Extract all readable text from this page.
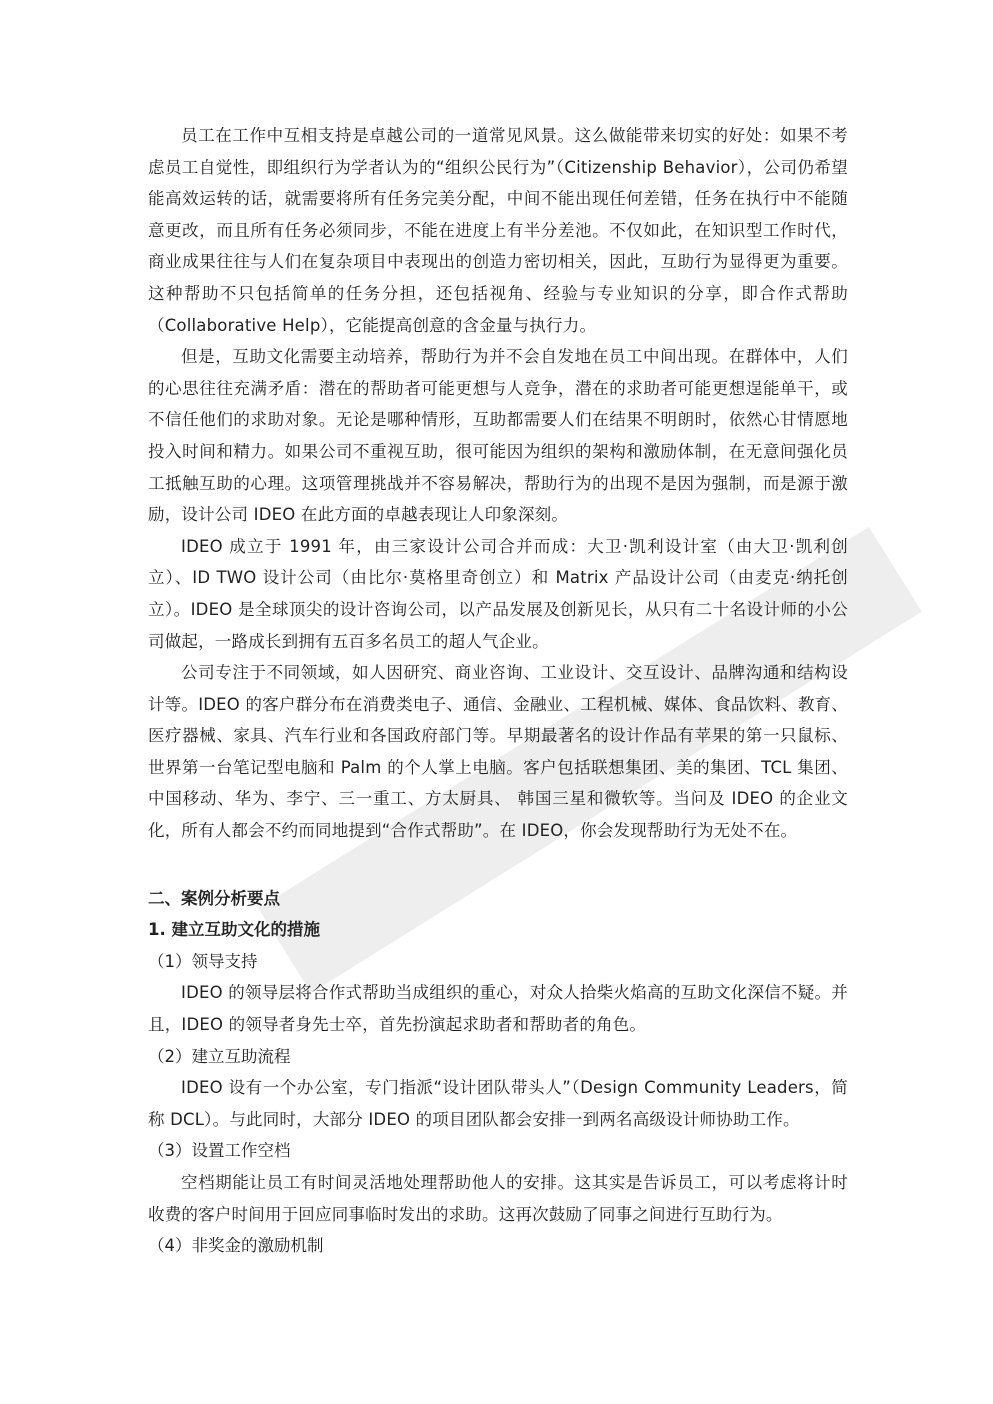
员工在工作中互相支持是卓越公司的一道常见风景。这么做能带来切实的好处：如果不考虑员工自觉性，即组织行为学者认为的“组织公民行为”（Citizenship Behavior），公司仍希望能高效运转的话，就需要将所有任务完美分配，中间不能出现任何差错，任务在执行中不能随意更改，而且所有任务必须同步，不能在进度上有半分差池。不仅如此，在知识型工作时代，商业成果往往与人们在复杂项目中表现出的创造力密切相关，因此，互助行为显得更为重要。这种帮助不只包括简单的任务分担，还包括视角、经验与专业知识的分享，即合作式帮助（Collaborative Help），它能提高创意的含金量与执行力。

但是，互助文化需要主动培养，帮助行为并不会自发地在员工中间出现。在群体中，人们的心思往往充满矛盾：潜在的帮助者可能更想与人竞争，潜在的求助者可能更想逞能单干，或不信任他们的求助对象。无论是哪种情形，互助都需要人们在结果不明朗时，依然心甘情愿地投入时间和精力。如果公司不重视互助，很可能因为组织的架构和激励体制，在无意间强化员工抵触互助的心理。这项管理挑战并不容易解决，帮助行为的出现不是因为强制，而是源于激励，设计公司 IDEO 在此方面的卓越表现让人印象深刻。

IDEO 成立于 1991 年，由三家设计公司合并而成：大卫·凯利设计室（由大卫·凯利创立）、ID TWO 设计公司（由比尔·莫格里奇创立）和 Matrix 产品设计公司（由麦克·纳托创立）。IDEO 是全球顶尖的设计咨询公司，以产品发展及创新见长，从只有二十名设计师的小公司做起，一路成长到拥有五百多名员工的超人气企业。

公司专注于不同领域，如人因研究、商业咨询、工业设计、交互设计、品牌沟通和结构设计等。IDEO 的客户群分布在消费类电子、通信、金融业、工程机械、媒体、食品饮料、教育、医疗器械、家具、汽车行业和各国政府部门等。早期最著名的设计作品有苹果的第一只鼠标、世界第一台笔记型电脑和 Palm 的个人掌上电脑。客户包括联想集团、美的集团、TCL 集团、中国移动、华为、李宁、三一重工、方太厨具、 韩国三星和微软等。当问及 IDEO 的企业文化，所有人都会不约而同地提到“合作式帮助”。在 IDEO，你会发现帮助行为无处不在。

二、案例分析要点

1. 建立互助文化的措施

（1）领导支持

IDEO 的领导层将合作式帮助当成组织的重心，对众人拾柴火焰高的互助文化深信不疑。并且，IDEO 的领导者身先士卒，首先扮演起求助者和帮助者的角色。

（2）建立互助流程

IDEO 设有一个办公室，专门指派“设计团队带头人”（Design Community Leaders，简称 DCL）。与此同时，大部分 IDEO 的项目团队都会安排一到两名高级设计师协助工作。

（3）设置工作空档

空档期能让员工有时间灵活地处理帮助他人的安排。这其实是告诉员工，可以考虑将计时收费的客户时间用于回应同事临时发出的求助。这再次鼓励了同事之间进行互助行为。

（4）非奖金的激励机制
